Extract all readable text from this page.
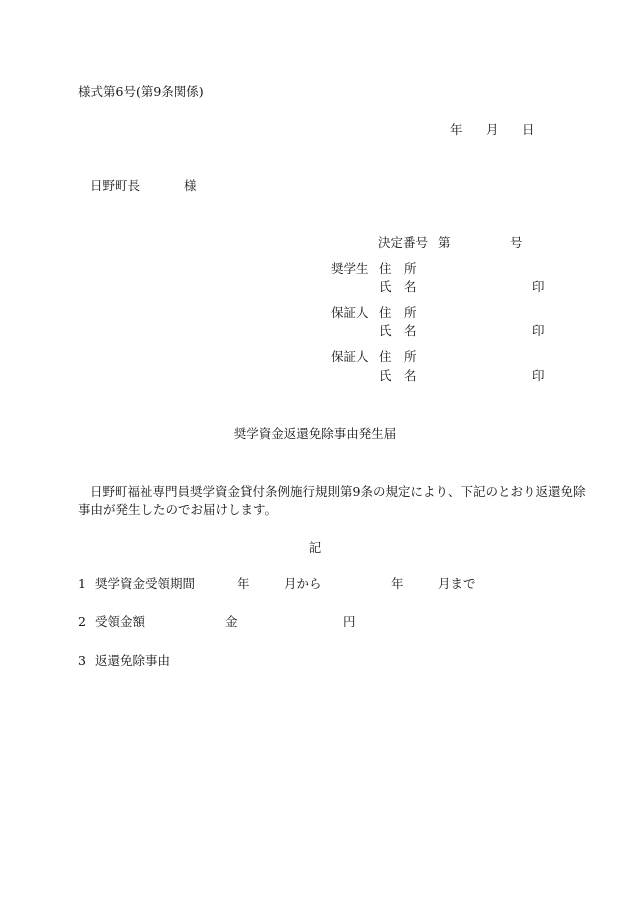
様式第6号(第9条関係)
年 月 日
日野町長	様
決定番号 第	号
奨学生 住　所
氏　名	印
保証人 住　所
氏　名	印
保証人 住　所
氏　名	印
奨学資金返還免除事由発生届
日野町福祉専門員奨学資金貸付条例施行規則第9条の規定により、下記のとおり返還免除
事由が発生したのでお届けします。
記
1 奨学資金受領期間	年	月から	年	月まで
2 受領金額	金	円
3 返還免除事由
